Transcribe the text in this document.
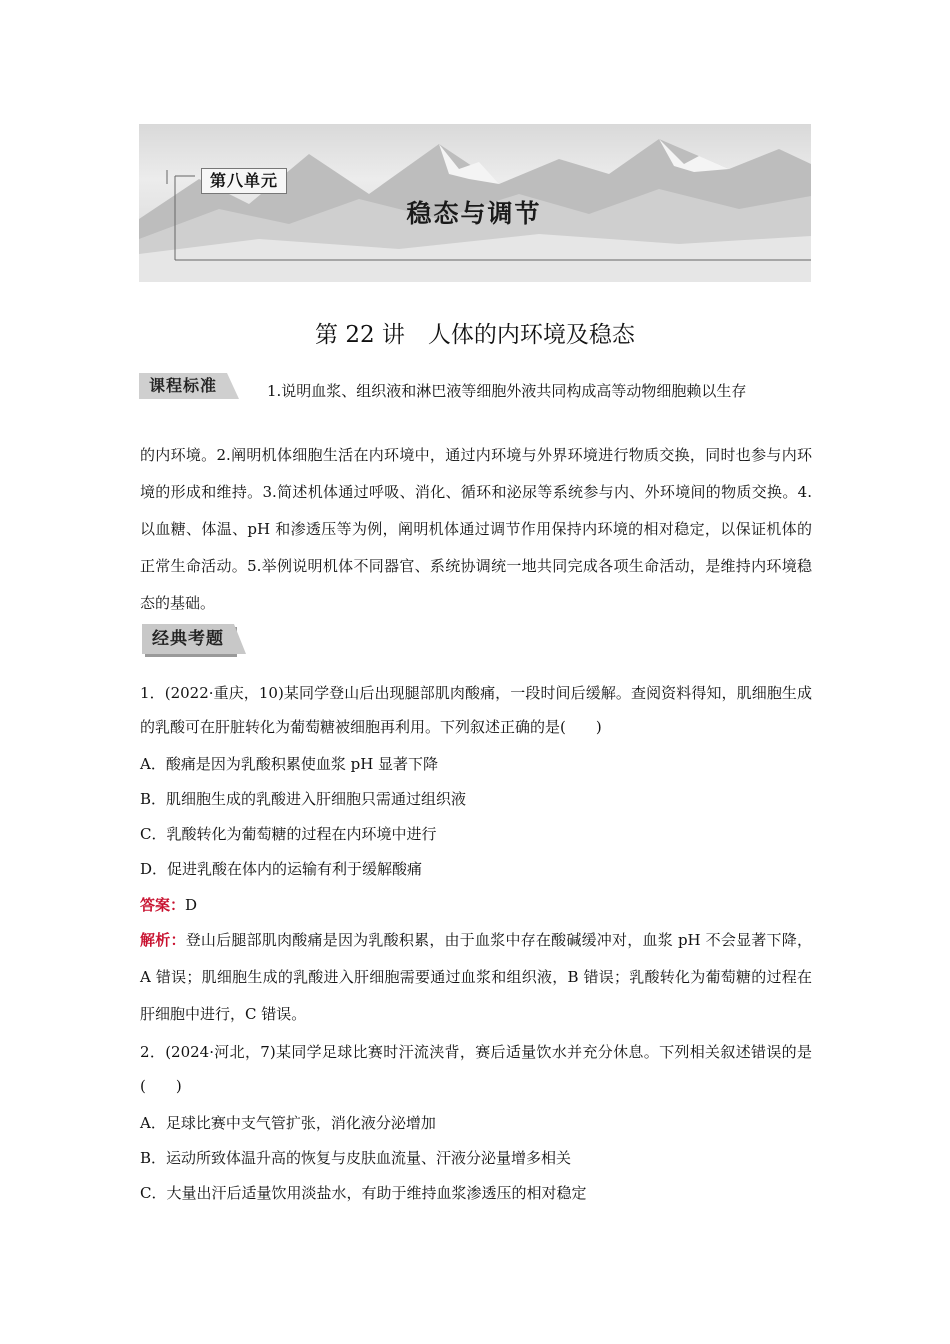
第八单元
稳态与调节
第 22 讲　人体的内环境及稳态
课程标准	1.说明血浆、组织液和淋巴液等细胞外液共同构成高等动物细胞赖以生存
的内环境。2.阐明机体细胞生活在内环境中，通过内环境与外界环境进行物质交换，同时也参与内环境的形成和维持。3.简述机体通过呼吸、消化、循环和泌尿等系统参与内、外环境间的物质交换。4.以血糖、体温、pH 和渗透压等为例，阐明机体通过调节作用保持内环境的相对稳定，以保证机体的正常生命活动。5.举例说明机体不同器官、系统协调统一地共同完成各项生命活动，是维持内环境稳态的基础。
经典考题
1．(2022·重庆，10)某同学登山后出现腿部肌肉酸痛，一段时间后缓解。查阅资料得知，肌细胞生成的乳酸可在肝脏转化为葡萄糖被细胞再利用。下列叙述正确的是(　　)
A．酸痛是因为乳酸积累使血浆 pH 显著下降
B．肌细胞生成的乳酸进入肝细胞只需通过组织液
C．乳酸转化为葡萄糖的过程在内环境中进行
D．促进乳酸在体内的运输有利于缓解酸痛
答案：D
解析：登山后腿部肌肉酸痛是因为乳酸积累，由于血浆中存在酸碱缓冲对，血浆 pH 不会显著下降，A 错误；肌细胞生成的乳酸进入肝细胞需要通过血浆和组织液，B 错误；乳酸转化为葡萄糖的过程在肝细胞中进行，C 错误。
2．(2024·河北，7)某同学足球比赛时汗流浃背，赛后适量饮水并充分休息。下列相关叙述错误的是(　　)
A．足球比赛中支气管扩张，消化液分泌增加
B．运动所致体温升高的恢复与皮肤血流量、汗液分泌量增多相关
C．大量出汗后适量饮用淡盐水，有助于维持血浆渗透压的相对稳定
